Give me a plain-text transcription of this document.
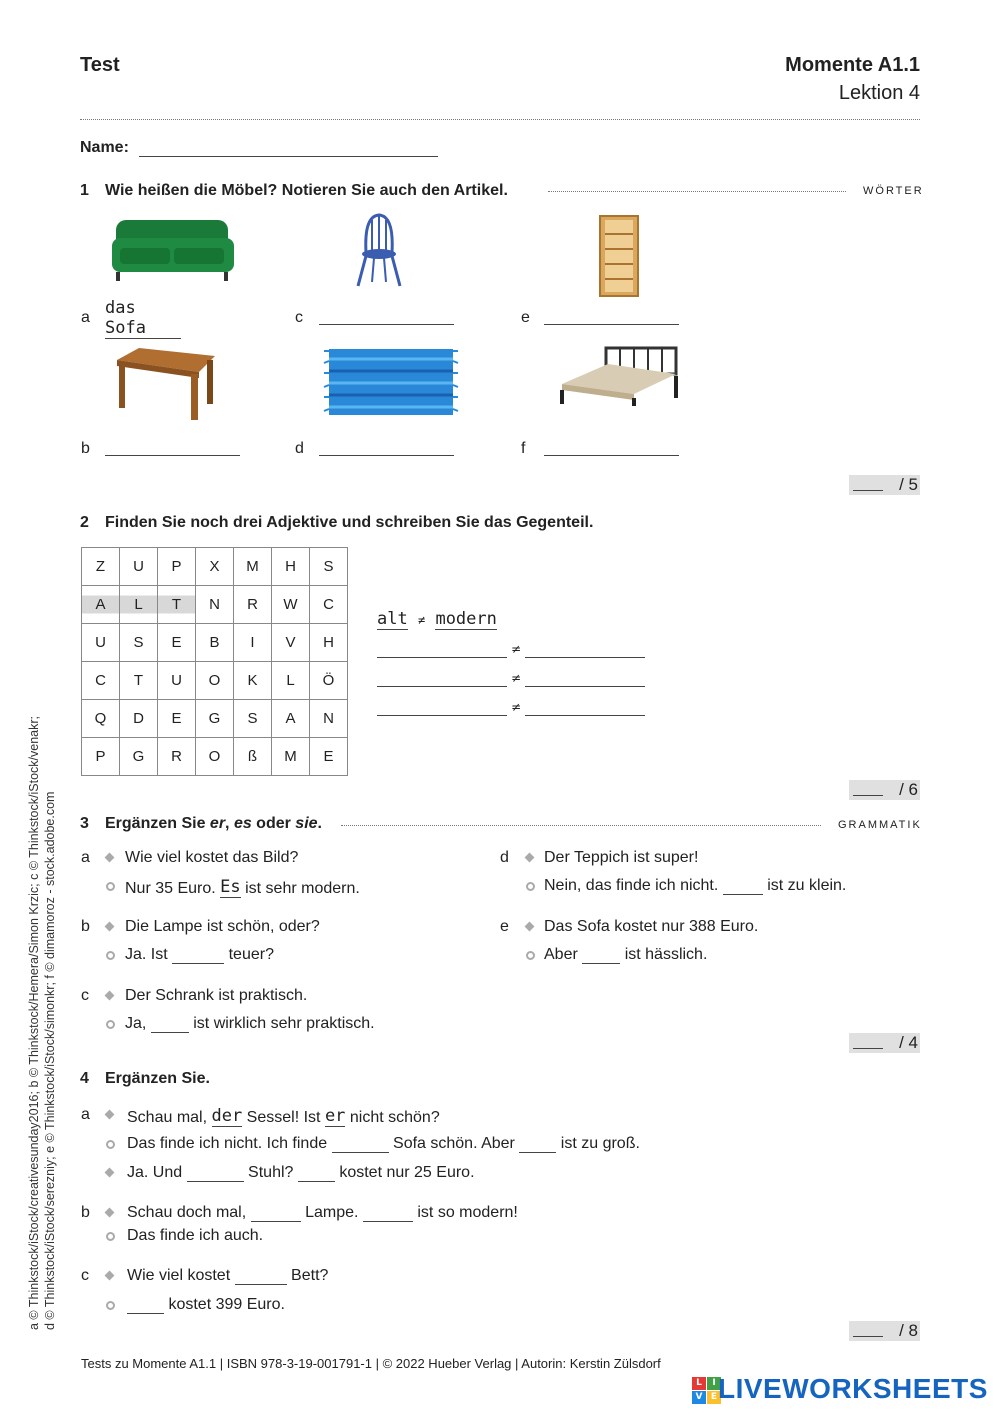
Test	Momente A1.1
Lektion 4
Name:
1 Wie heißen die Möbel? Notieren Sie auch den Artikel.	WÖRTER
a das Sofa
c	e
b	d	f
/ 5
2 Finden Sie noch drei Adjektive und schreiben Sie das Gegenteil.
Z	U	P	X	M	H	S
A	L	T	N	R	W	C
U	S	E	B	I	V	H
C	T	U	O	K	L	Ö
Q	D	E	G	S	A	N
P	G	R	O	ß	M	E
alt ≠ modern
≠
≠
≠
/ 6
3 Ergänzen Sie er, es oder sie.	GRAMMATIK
a Wie viel kostet das Bild?
Nur 35 Euro. Es ist sehr modern.
b Die Lampe ist schön, oder?
Ja. Ist	teuer?
c Der Schrank ist praktisch.
Ja,	ist wirklich sehr praktisch.
d Der Teppich ist super!
Nein, das finde ich nicht.	ist zu klein.
e Das Sofa kostet nur 388 Euro.
Aber	ist hässlich.
/ 4
4 Ergänzen Sie.
a Schau mal, der Sessel! Ist er nicht schön?
Das finde ich nicht. Ich finde	Sofa schön. Aber	ist zu groß.
Ja. Und	Stuhl?	kostet nur 25 Euro.
b Schau doch mal,	Lampe.	ist so modern!
Das finde ich auch.
c Wie viel kostet	Bett?
kostet 399 Euro.
/ 8
Tests zu Momente A1.1 | ISBN 978-3-19-001791-1 | © 2022 Hueber Verlag | Autorin: Kerstin Zülsdorf
a © Thinkstock/iStock/creativesunday2016; b © Thinkstock/Hemera/Simon Krzic; c © Thinkstock/iStock/venakr; d © Thinkstock/iStock/serezniy; e © Thinkstock/iStock/simonkr; f © dimamoroz - stock.adobe.com
L	I
V E LIVEWORKSHEETS
